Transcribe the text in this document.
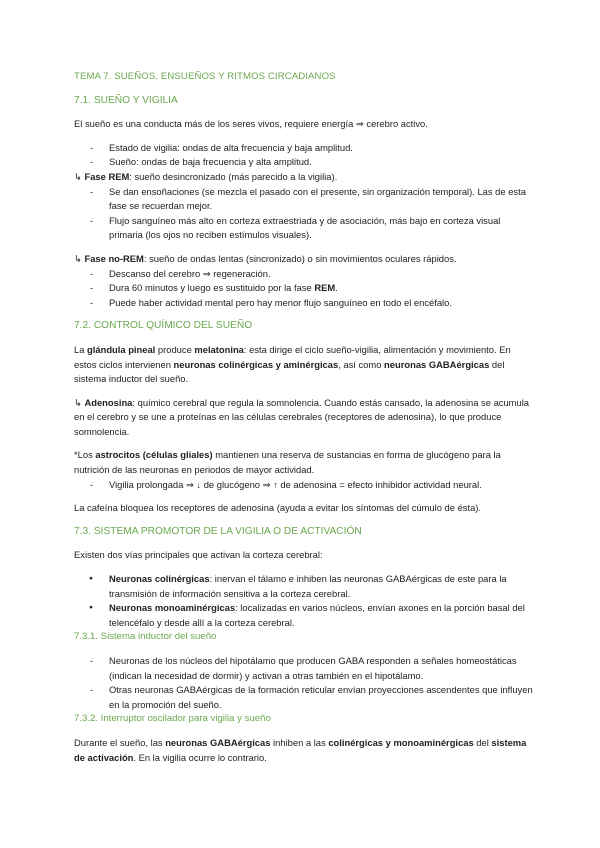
TEMA 7. SUEÑOS, ENSUEÑOS Y RITMOS CIRCADIANOS
7.1. SUEÑO Y VIGILIA

El sueño es una conducta más de los seres vivos, requiere energía ⇒ cerebro activo.

- Estado de vigilia: ondas de alta frecuencia y baja amplitud.
- Sueño: ondas de baja frecuencia y alta amplitud.

↳ Fase REM: sueño desincronizado (más parecido a la vigilia).

- Se dan ensoñaciones (se mezcla el pasado con el presente, sin organización temporal). Las de esta fase se recuerdan mejor.
- Flujo sanguíneo más alto en corteza extraestriada y de asociación, más bajo en corteza visual primaria (los ojos no reciben estímulos visuales).

↳ Fase no-REM: sueño de ondas lentas (sincronizado) o sin movimientos oculares rápidos.

- Descanso del cerebro ⇒ regeneración.
- Dura 60 minutos y luego es sustituido por la fase REM.
- Puede haber actividad mental pero hay menor flujo sanguíneo en todo el encéfalo.
7.2. CONTROL QUÍMICO DEL SUEÑO

La glándula pineal produce melatonina: esta dirige el ciclo sueño-vigilia, alimentación y movimiento. En estos ciclos intervienen neuronas colinérgicas y aminérgicas, así como neuronas GABAérgicas del sistema inductor del sueño.

↳ Adenosina: químico cerebral que regula la somnolencia. Cuando estás cansado, la adenosina se acumula en el cerebro y se une a proteínas en las células cerebrales (receptores de adenosina), lo que produce somnolencia.

*Los astrocitos (células gliales) mantienen una reserva de sustancias en forma de glucógeno para la nutrición de las neuronas en periodos de mayor actividad.

- Vigilia prolongada ⇒ ↓ de glucógeno ⇒ ↑ de adenosina = efecto inhibidor actividad neural.

La cafeína bloquea los receptores de adenosina (ayuda a evitar los síntomas del cúmulo de ésta).

7.3. SISTEMA PROMOTOR DE LA VIGILIA O DE ACTIVACIÓN

Existen dos vías principales que activan la corteza cerebral:

● Neuronas colinérgicas: inervan el tálamo e inhiben las neuronas GABAérgicas de este para la transmisión de información sensitiva a la corteza cerebral.
● Neuronas monoaminérgicas: localizadas en varios núcleos, envían axones en la porción basal del telencéfalo y desde allí a la corteza cerebral.
7.3.1. Sistema inductor del sueño
- Neuronas de los núcleos del hipotálamo que producen GABA responden a señales homeostáticas (indican la necesidad de dormir) y activan a otras también en el hipotálamo.
- Otras neuronas GABAérgicas de la formación reticular envían proyecciones ascendentes que influyen en la promoción del sueño.
7.3.2. Interruptor oscilador para vigilia y sueño

Durante el sueño, las neuronas GABAérgicas inhiben a las colinérgicas y monoaminérgicas del sistema de activación. En la vigilia ocurre lo contrario.
